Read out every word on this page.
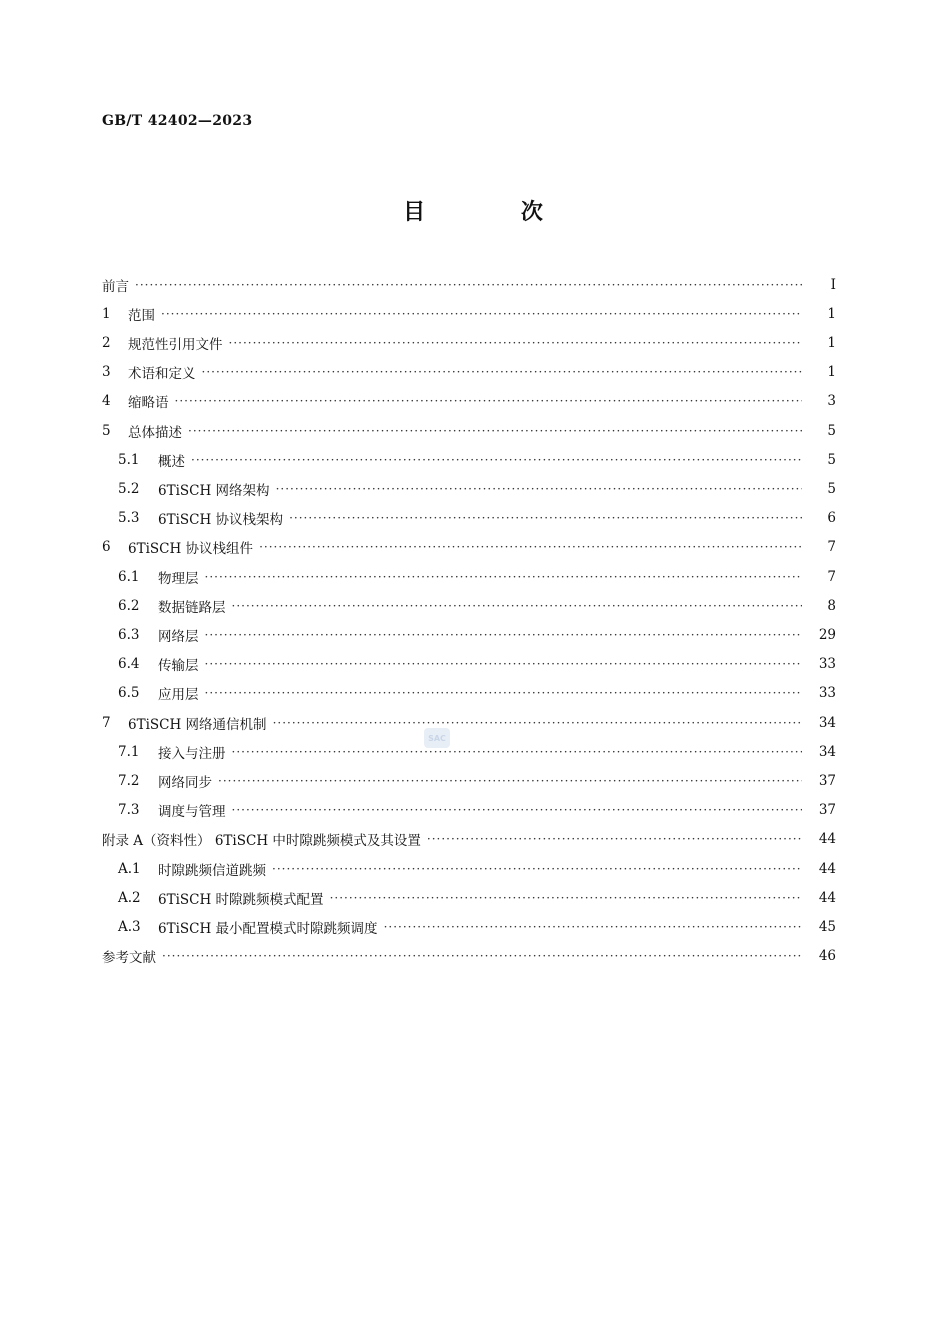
GB/T 42402—2023
目 次
前言 ·····	Ⅰ
1	范围 ·····	1
2	规范性引用文件 ·····	1
3	术语和定义 ·····	1
4	缩略语 ·····	3
5	总体描述 ·····	5
5.1	概述 ·····	5
5.2	6TiSCH 网络架构 ·····	5
5.3	6TiSCH 协议栈架构 ·····	6
6	6TiSCH 协议栈组件 ·····	7
6.1	物理层 ·····	7
6.2	数据链路层 ·····	8
6.3	网络层 ·····	29
6.4	传输层 ·····	33
6.5	应用层 ·····	33
7	6TiSCH 网络通信机制 ·····	34
7.1	接入与注册 ·····	34
7.2	网络同步 ·····	37
7.3	调度与管理 ·····	37
附录 A（资料性） 6TiSCH 中时隙跳频模式及其设置 ·····	44
A.1	时隙跳频信道跳频 ·····	44
A.2	6TiSCH 时隙跳频模式配置 ·····	44
A.3	6TiSCH 最小配置模式时隙跳频调度 ·····	45
参考文献 ·····	46
SAC
